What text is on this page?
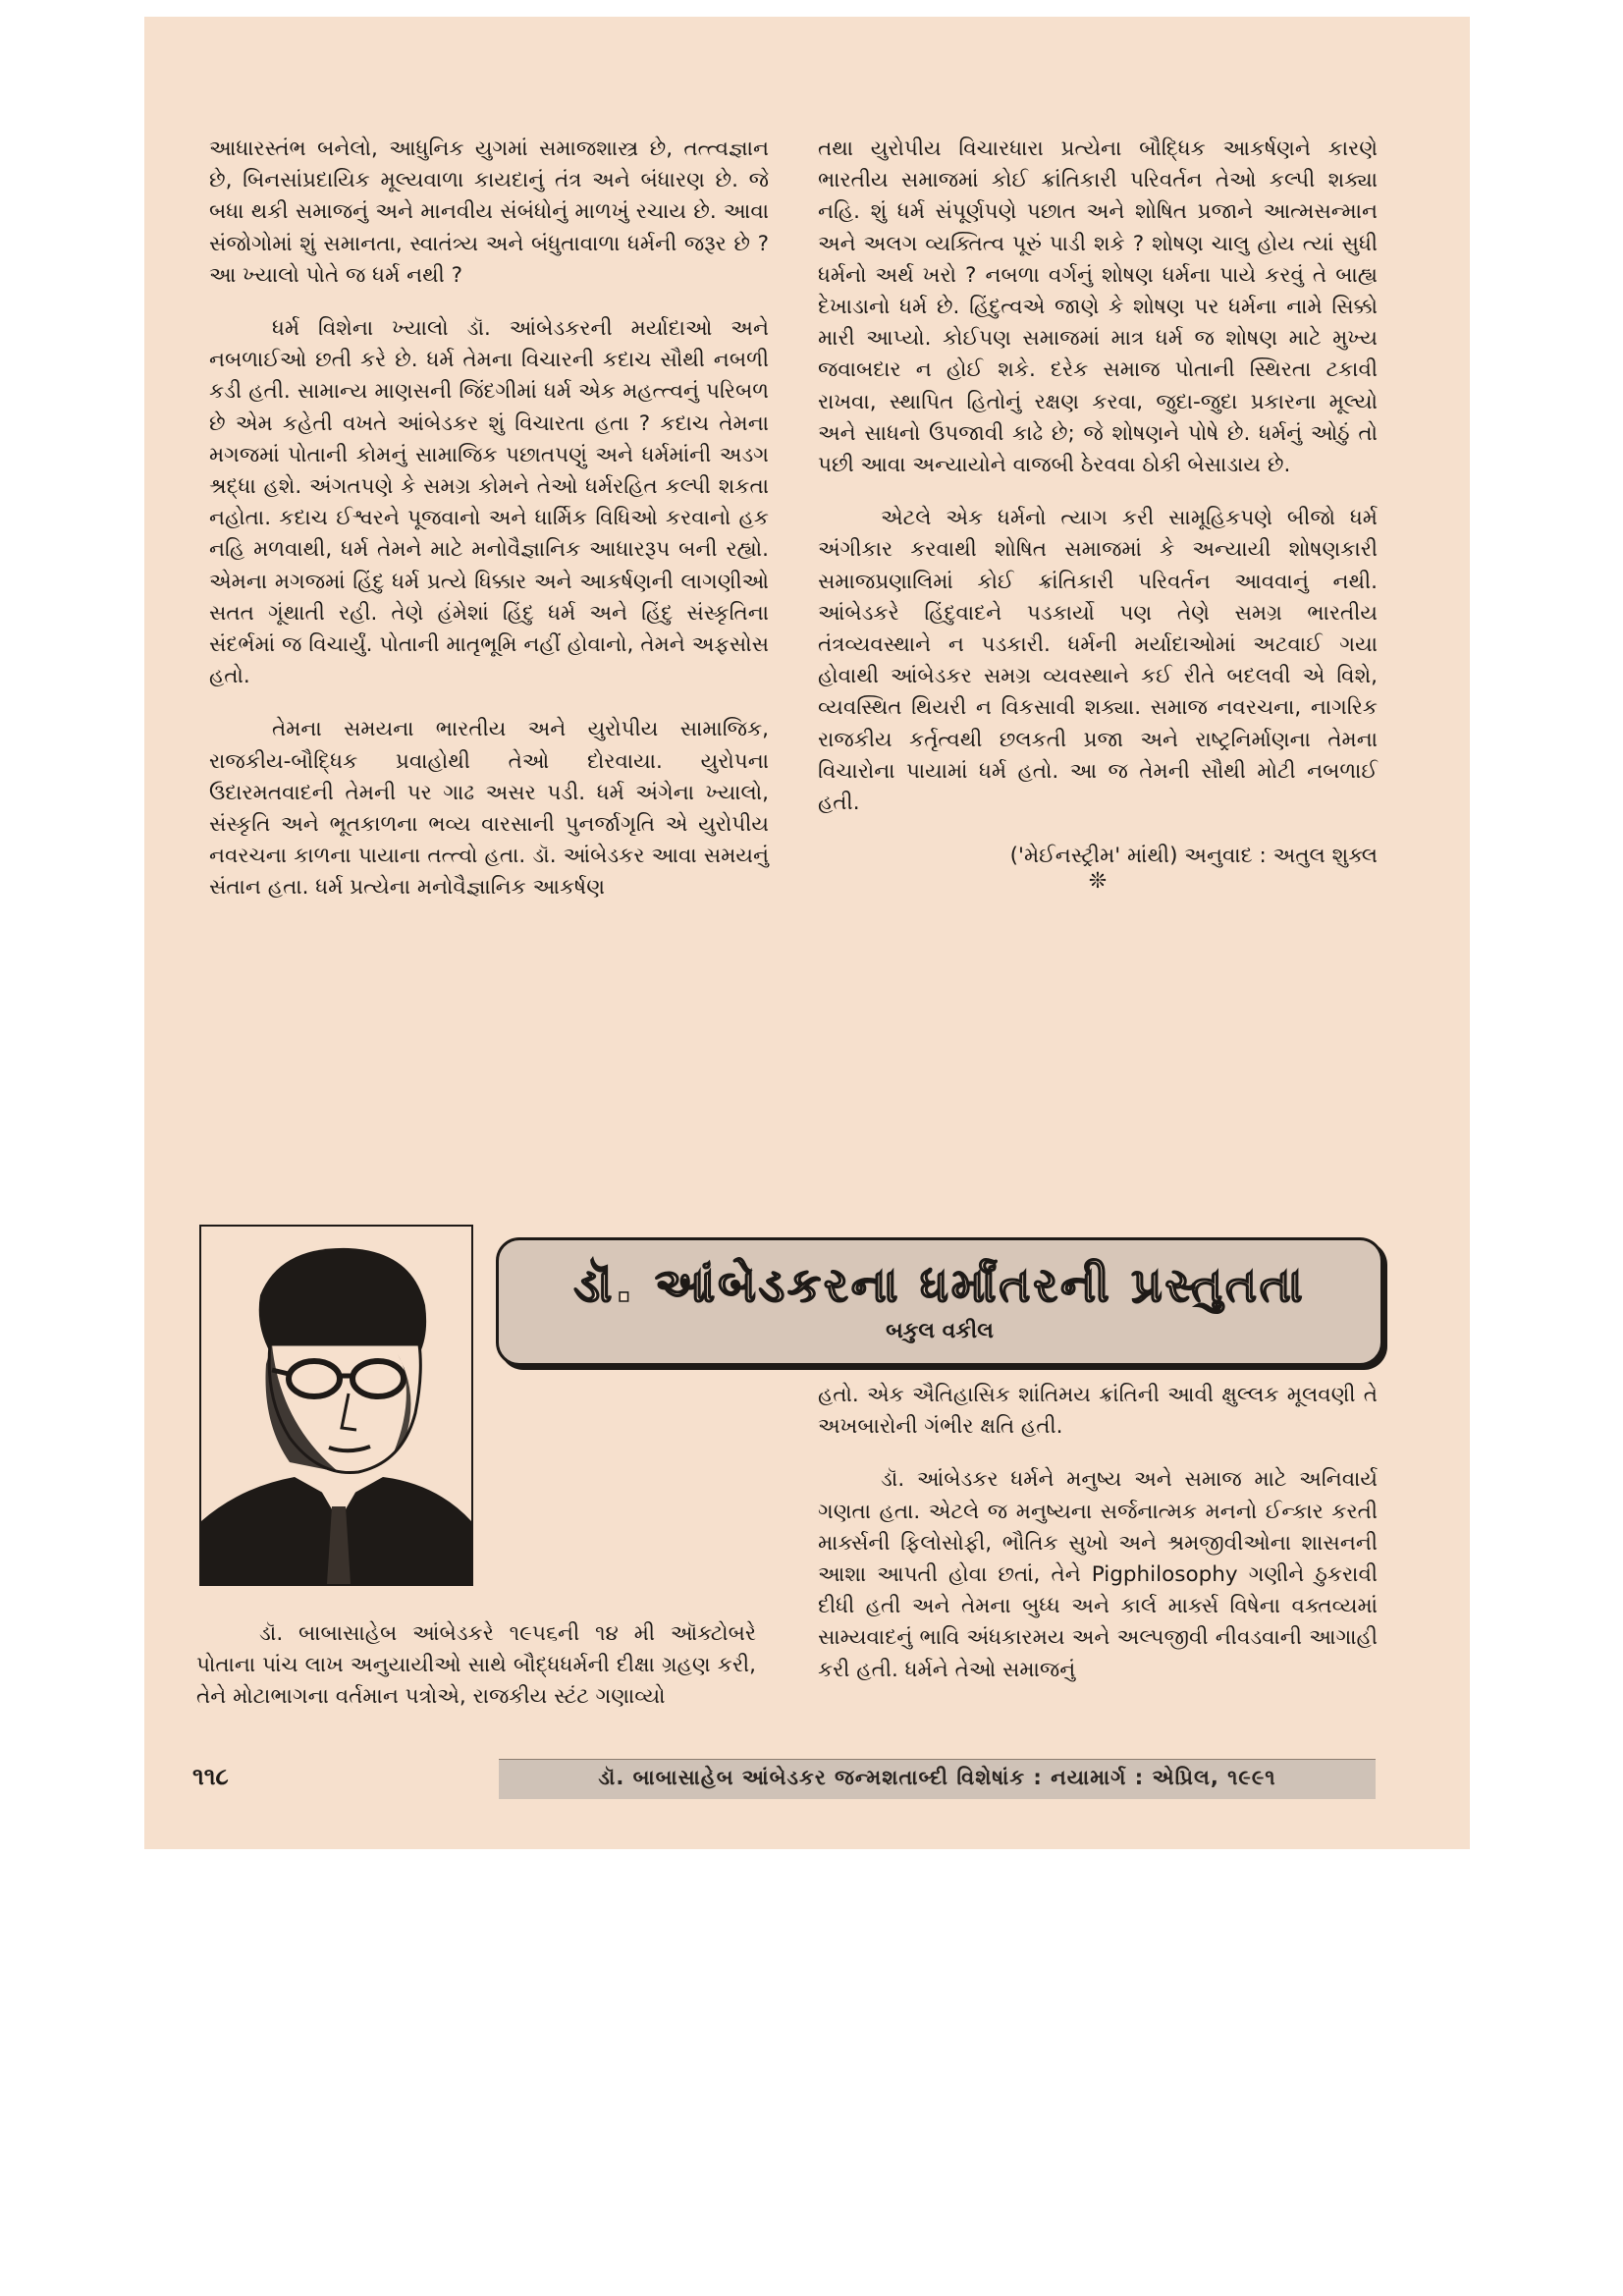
આધારસ્તંભ બનેલો, આધુનિક યુગમાં સમાજશાસ્ત્ર છે, તત્ત્વજ્ઞાન છે, બિનસાંપ્રદાયિક મૂલ્યવાળા કાયદાનું તંત્ર અને બંધારણ છે. જે બધા થકી સમાજનું અને માનવીય સંબંધોનું માળખું રચાય છે. આવા સંજોગોમાં શું સમાનતા, સ્વાતંત્ર્ય અને બંધુતાવાળા ધર્મની જરૂર છે ? આ ખ્યાલો પોતે જ ધર્મ નથી ?

ધર્મ વિશેના ખ્યાલો ડૉ. આંબેડકરની મર્યાદાઓ અને નબળાઈઓ છતી કરે છે. ધર્મ તેમના વિચારની કદાચ સૌથી નબળી કડી હતી. સામાન્ય માણસની જિંદગીમાં ધર્મ એક મહત્ત્વનું પરિબળ છે એમ કહેતી વખતે આંબેડકર શું વિચારતા હતા ? કદાચ તેમના મગજમાં પોતાની કોમનું સામાજિક પછાતપણું અને ધર્મમાંની અડગ શ્રદ્ધા હશે. અંગતપણે કે સમગ્ર કોમને તેઓ ધર્મરહિત કલ્પી શકતા નહોતા. કદાચ ઈશ્વરને પૂજવાનો અને ધાર્મિક વિધિઓ કરવાનો હક નહિ મળવાથી, ધર્મ તેમને માટે મનોવૈજ્ઞાનિક આધારરૂપ બની રહ્યો. એમના મગજમાં હિંદુ ધર્મ પ્રત્યે ધિક્કાર અને આકર્ષણની લાગણીઓ સતત ગૂંથાતી રહી. તેણે હંમેશાં હિંદુ ધર્મ અને હિંદુ સંસ્કૃતિના સંદર્ભમાં જ વિચાર્યું. પોતાની માતૃભૂમિ નહીં હોવાનો, તેમને અફસોસ હતો.

તેમના સમયના ભારતીય અને યુરોપીય સામાજિક, રાજકીય-બૌદ્ધિક પ્રવાહોથી તેઓ દોરવાયા. યુરોપના ઉદારમતવાદની તેમની પર ગાઢ અસર પડી. ધર્મ અંગેના ખ્યાલો, સંસ્કૃતિ અને ભૂતકાળના ભવ્ય વારસાની પુનર્જાગૃતિ એ યુરોપીય નવરચના કાળના પાયાના તત્ત્વો હતા. ડૉ. આંબેડકર આવા સમયનું સંતાન હતા. ધર્મ પ્રત્યેના મનોવૈજ્ઞાનિક આકર્ષણ

તથા યુરોપીય વિચારધારા પ્રત્યેના બૌદ્ધિક આકર્ષણને કારણે ભારતીય સમાજમાં કોઈ ક્રાંતિકારી પરિવર્તન તેઓ કલ્પી શક્યા નહિ. શું ધર્મ સંપૂર્ણપણે પછાત અને શોષિત પ્રજાને આત્મસન્માન અને અલગ વ્યક્તિત્વ પૂરું પાડી શકે ? શોષણ ચાલુ હોય ત્યાં સુધી ધર્મનો અર્થ ખરો ? નબળા વર્ગનું શોષણ ધર્મના પાયે કરવું તે બાહ્ય દેખાડાનો ધર્મ છે. હિંદુત્વએ જાણે કે શોષણ પર ધર્મના નામે સિક્કો મારી આપ્યો. કોઈપણ સમાજમાં માત્ર ધર્મ જ શોષણ માટે મુખ્ય જવાબદાર ન હોઈ શકે. દરેક સમાજ પોતાની સ્થિરતા ટકાવી રાખવા, સ્થાપિત હિતોનું રક્ષણ કરવા, જુદા-જુદા પ્રકારના મૂલ્યો અને સાધનો ઉપજાવી કાઢે છે; જે શોષણને પોષે છે. ધર્મનું ઓઠું તો પછી આવા અન્યાયોને વાજબી ઠેરવવા ઠોકી બેસાડાય છે.

એટલે એક ધર્મનો ત્યાગ કરી સામૂહિકપણે બીજો ધર્મ અંગીકાર કરવાથી શોષિત સમાજમાં કે અન્યાયી શોષણકારી સમાજપ્રણાલિમાં કોઈ ક્રાંતિકારી પરિવર્તન આવવાનું નથી. આંબેડકરે હિંદુવાદને પડકાર્યો પણ તેણે સમગ્ર ભારતીય તંત્રવ્યવસ્થાને ન પડકારી. ધર્મની મર્યાદાઓમાં અટવાઈ ગયા હોવાથી આંબેડકર સમગ્ર વ્યવસ્થાને કઈ રીતે બદલવી એ વિશે, વ્યવસ્થિત થિયરી ન વિકસાવી શક્યા. સમાજ નવરચના, નાગરિક રાજકીય કર્તૃત્વથી છલકતી પ્રજા અને રાષ્ટ્રનિર્માણના તેમના વિચારોના પાયામાં ધર્મ હતો. આ જ તેમની સૌથી મોટી નબળાઈ હતી.

('મેઈનસ્ટ્રીમ' માંથી) અનુવાદ : અતુલ શુક્લ
❊
ડૉ. આંબેડકરના ધર્માંતરની પ્રસ્તુતતા
બકુલ વકીલ

હતો. એક ઐતિહાસિક શાંતિમય ક્રાંતિની આવી ક્ષુલ્લક મૂલવણી તે અખબારોની ગંભીર ક્ષતિ હતી.

ડૉ. આંબેડકર ધર્મને મનુષ્ય અને સમાજ માટે અનિવાર્ય ગણતા હતા. એટલે જ મનુષ્યના સર્જનાત્મક મનનો ઈન્કાર કરતી માર્ક્સની ફિલોસોફી, ભૌતિક સુખો અને શ્રમજીવીઓના શાસનની આશા આપતી હોવા છતાં, તેને Pigphilosophy ગણીને ઠુકરાવી દીધી હતી અને તેમના બુધ્ધ અને કાર્લ માર્ક્સ વિષેના વક્તવ્યમાં સામ્યવાદનું ભાવિ અંધકારમય અને અલ્પજીવી નીવડવાની આગાહી કરી હતી. ધર્મને તેઓ સમાજનું

ડૉ. બાબાસાહેબ આંબેડકરે ૧૯૫૬ની ૧૪ મી ઑક્ટોબરે પોતાના પાંચ લાખ અનુયાયીઓ સાથે બૌદ્ધધર્મની દીક્ષા ગ્રહણ કરી, તેને મોટાભાગના વર્તમાન પત્રોએ, રાજકીય સ્ટંટ ગણાવ્યો

૧૧૮	ડૉ. બાબાસાહેબ આંબેડકર જન્મશતાબ્દી વિશેષાંક : નયામાર્ગ : એપ્રિલ, ૧૯૯૧
